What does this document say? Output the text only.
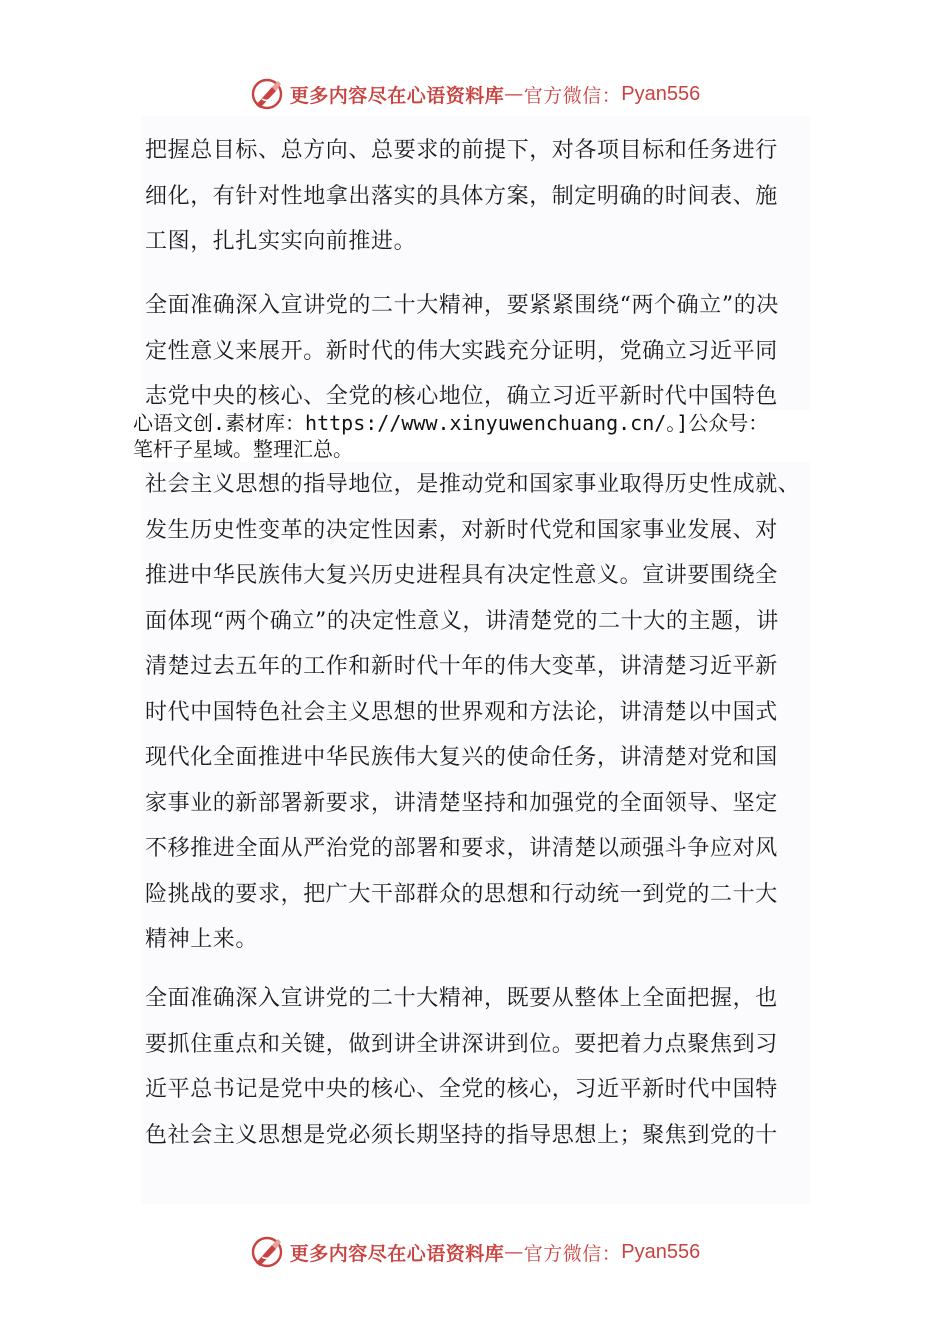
更多内容尽在心语资料库 — 官方微信： Pyan556
把握总目标、总方向、总要求的前提下，对各项目标和任务进行
细化，有针对性地拿出落实的具体方案，制定明确的时间表、施
工图，扎扎实实向前推进。
全面准确深入宣讲党的二十大精神，要紧紧围绕“两个确立”的决
定性意义来展开。新时代的伟大实践充分证明，党确立习近平同
志党中央的核心、全党的核心地位，确立习近平新时代中国特色
心语文创.素材库：https://www.xinyuwenchuang.cn/。]公众号：
笔杆子星域。整理汇总。
社会主义思想的指导地位，是推动党和国家事业取得历史性成就、
发生历史性变革的决定性因素，对新时代党和国家事业发展、对
推进中华民族伟大复兴历史进程具有决定性意义。宣讲要围绕全
面体现“两个确立”的决定性意义，讲清楚党的二十大的主题，讲
清楚过去五年的工作和新时代十年的伟大变革，讲清楚习近平新
时代中国特色社会主义思想的世界观和方法论，讲清楚以中国式
现代化全面推进中华民族伟大复兴的使命任务，讲清楚对党和国
家事业的新部署新要求，讲清楚坚持和加强党的全面领导、坚定
不移推进全面从严治党的部署和要求，讲清楚以顽强斗争应对风
险挑战的要求，把广大干部群众的思想和行动统一到党的二十大
精神上来。
全面准确深入宣讲党的二十大精神，既要从整体上全面把握，也
要抓住重点和关键，做到讲全讲深讲到位。要把着力点聚焦到习
近平总书记是党中央的核心、全党的核心，习近平新时代中国特
色社会主义思想是党必须长期坚持的指导思想上；聚焦到党的十
更多内容尽在心语资料库 — 官方微信： Pyan556
